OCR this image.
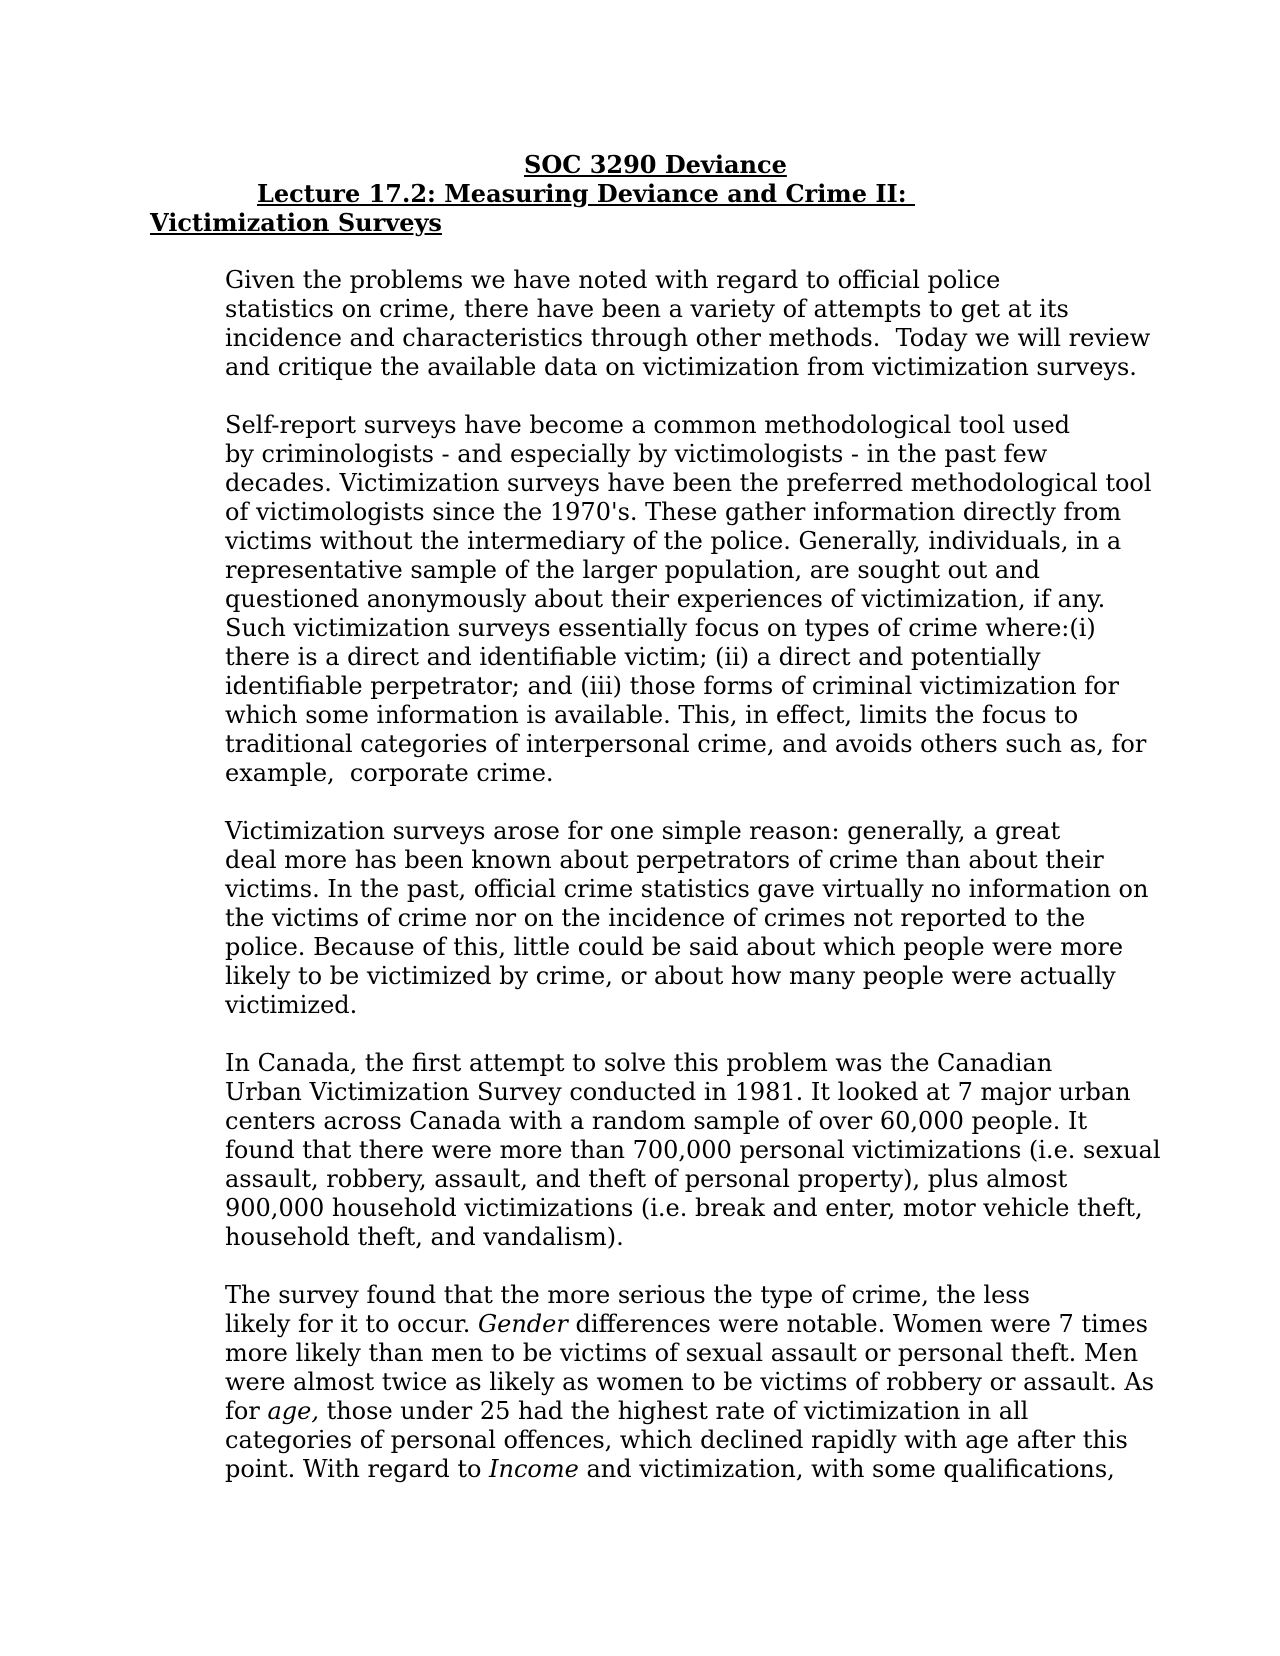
SOC 3290 Deviance
Lecture 17.2: Measuring Deviance and Crime II:
Victimization Surveys

Given the problems we have noted with regard to official police
statistics on crime, there have been a variety of attempts to get at its
incidence and characteristics through other methods.  Today we will review
and critique the available data on victimization from victimization surveys.

Self-report surveys have become a common methodological tool used
by criminologists - and especially by victimologists - in the past few
decades. Victimization surveys have been the preferred methodological tool
of victimologists since the 1970's. These gather information directly from
victims without the intermediary of the police. Generally, individuals, in a
representative sample of the larger population, are sought out and
questioned anonymously about their experiences of victimization, if any.
Such victimization surveys essentially focus on types of crime where:(i)
there is a direct and identifiable victim; (ii) a direct and potentially
identifiable perpetrator; and (iii) those forms of criminal victimization for
which some information is available. This, in effect, limits the focus to
traditional categories of interpersonal crime, and avoids others such as, for
example,  corporate crime.

Victimization surveys arose for one simple reason: generally, a great
deal more has been known about perpetrators of crime than about their
victims. In the past, official crime statistics gave virtually no information on
the victims of crime nor on the incidence of crimes not reported to the
police. Because of this, little could be said about which people were more
likely to be victimized by crime, or about how many people were actually
victimized.

In Canada, the first attempt to solve this problem was the Canadian
Urban Victimization Survey conducted in 1981. It looked at 7 major urban
centers across Canada with a random sample of over 60,000 people. It
found that there were more than 700,000 personal victimizations (i.e. sexual
assault, robbery, assault, and theft of personal property), plus almost
900,000 household victimizations (i.e. break and enter, motor vehicle theft,
household theft, and vandalism).

The survey found that the more serious the type of crime, the less
likely for it to occur. Gender differences were notable. Women were 7 times
more likely than men to be victims of sexual assault or personal theft. Men
were almost twice as likely as women to be victims of robbery or assault. As
for age, those under 25 had the highest rate of victimization in all
categories of personal offences, which declined rapidly with age after this
point. With regard to Income and victimization, with some qualifications,
